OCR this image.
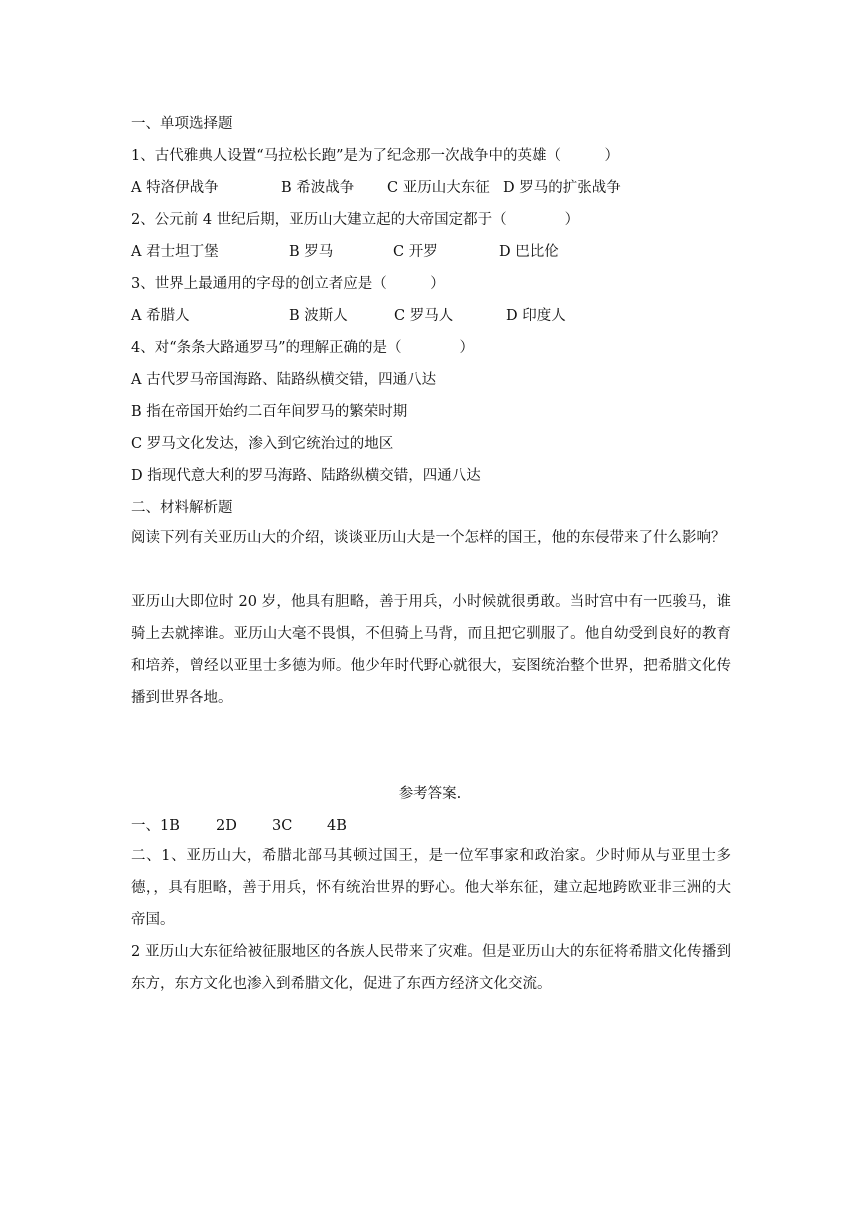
一、单项选择题
1、古代雅典人设置“马拉松长跑”是为了纪念那一次战争中的英雄（　　　）
A 特洛伊战争	B 希波战争 C 亚历山大东征 D 罗马的扩张战争
2、公元前 4 世纪后期，亚历山大建立起的大帝国定都于（　　　　）
A 君士坦丁堡	B 罗马	C 开罗	D 巴比伦
3、世界上最通用的字母的创立者应是（　　　）
A 希腊人	B 波斯人	C 罗马人	D 印度人
4、对“条条大路通罗马”的理解正确的是（　　　　）
A 古代罗马帝国海路、陆路纵横交错，四通八达
B 指在帝国开始约二百年间罗马的繁荣时期
C 罗马文化发达，渗入到它统治过的地区
D 指现代意大利的罗马海路、陆路纵横交错，四通八达
二、材料解析题
阅读下列有关亚历山大的介绍，谈谈亚历山大是一个怎样的国王，他的东侵带来了什么影响？
亚历山大即位时 20 岁，他具有胆略，善于用兵，小时候就很勇敢。当时宫中有一匹骏马，谁骑上去就摔谁。亚历山大毫不畏惧，不但骑上马背，而且把它驯服了。他自幼受到良好的教育和培养，曾经以亚里士多德为师。他少年时代野心就很大，妄图统治整个世界，把希腊文化传播到世界各地。
参考答案.
一、1B 2D 3C 4B
二、1、亚历山大，希腊北部马其顿过国王，是一位军事家和政治家。少时师从与亚里士多德，，具有胆略，善于用兵，怀有统治世界的野心。他大举东征，建立起地跨欧亚非三洲的大帝国。
2 亚历山大东征给被征服地区的各族人民带来了灾难。但是亚历山大的东征将希腊文化传播到东方，东方文化也渗入到希腊文化，促进了东西方经济文化交流。
